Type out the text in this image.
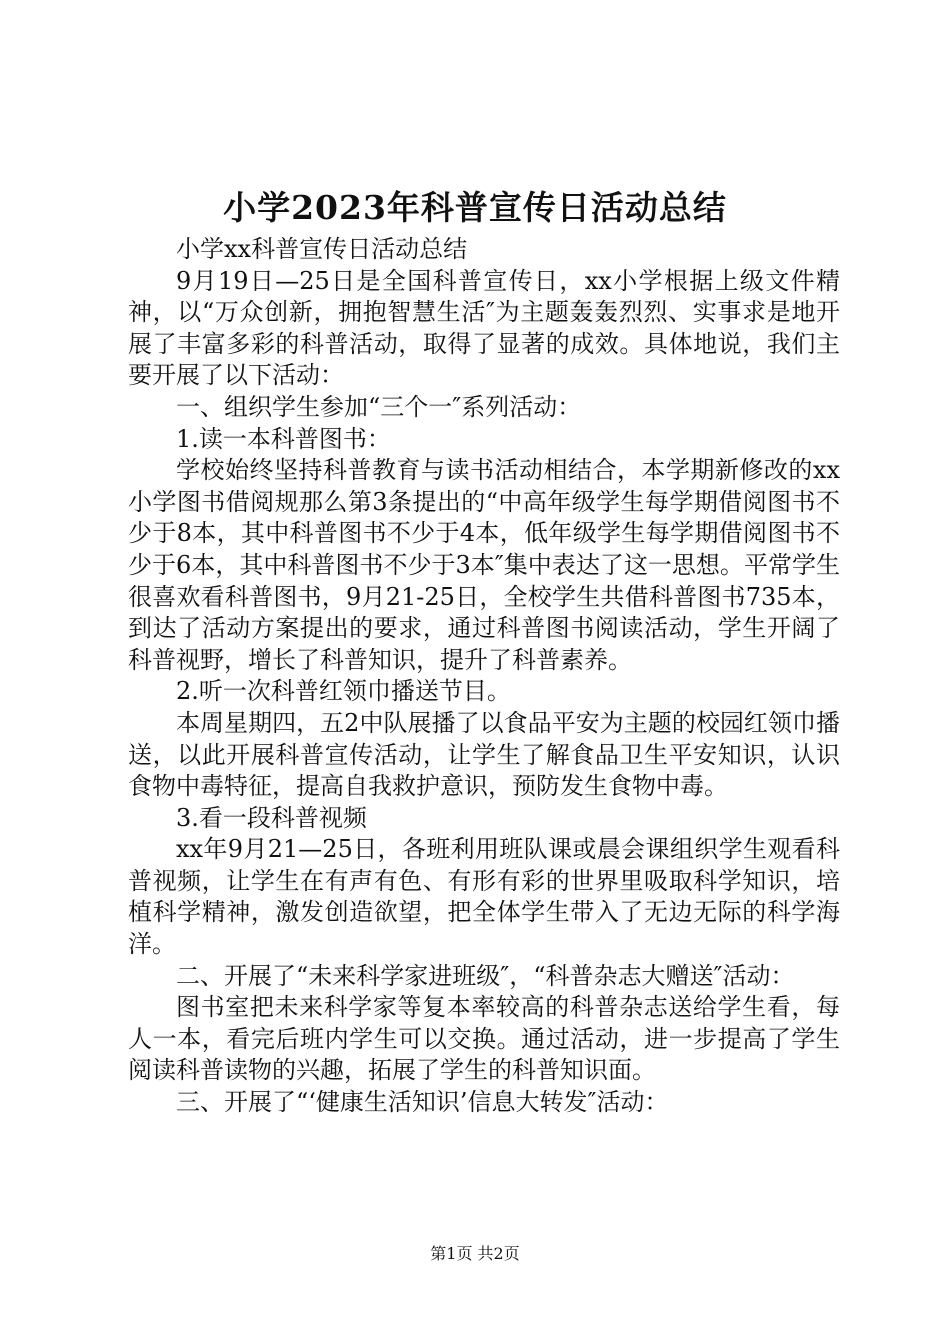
小学2023年科普宣传日活动总结

小学xx科普宣传日活动总结

9月19日—25日是全国科普宣传日，xx小学根据上级文件精神，以“万众创新，拥抱智慧生活″为主题轰轰烈烈、实事求是地开展了丰富多彩的科普活动，取得了显著的成效。具体地说，我们主要开展了以下活动：

一、组织学生参加“三个一″系列活动：

1.读一本科普图书：

学校始终坚持科普教育与读书活动相结合，本学期新修改的xx小学图书借阅规那么第3条提出的“中高年级学生每学期借阅图书不少于8本，其中科普图书不少于4本，低年级学生每学期借阅图书不少于6本，其中科普图书不少于3本″集中表达了这一思想。平常学生很喜欢看科普图书，9月21-25日，全校学生共借科普图书735本，到达了活动方案提出的要求，通过科普图书阅读活动，学生开阔了科普视野，增长了科普知识，提升了科普素养。

2.听一次科普红领巾播送节目。

本周星期四，五2中队展播了以食品平安为主题的校园红领巾播送，以此开展科普宣传活动，让学生了解食品卫生平安知识，认识食物中毒特征，提高自我救护意识，预防发生食物中毒。

3.看一段科普视频

xx年9月21—25日，各班利用班队课或晨会课组织学生观看科普视频，让学生在有声有色、有形有彩的世界里吸取科学知识，培植科学精神，激发创造欲望，把全体学生带入了无边无际的科学海洋。

二、开展了“未来科学家进班级″，“科普杂志大赠送″活动：

图书室把未来科学家等复本率较高的科普杂志送给学生看，每人一本，看完后班内学生可以交换。通过活动，进一步提高了学生阅读科普读物的兴趣，拓展了学生的科普知识面。

三、开展了“‘健康生活知识’信息大转发″活动：

第1页 共2页
